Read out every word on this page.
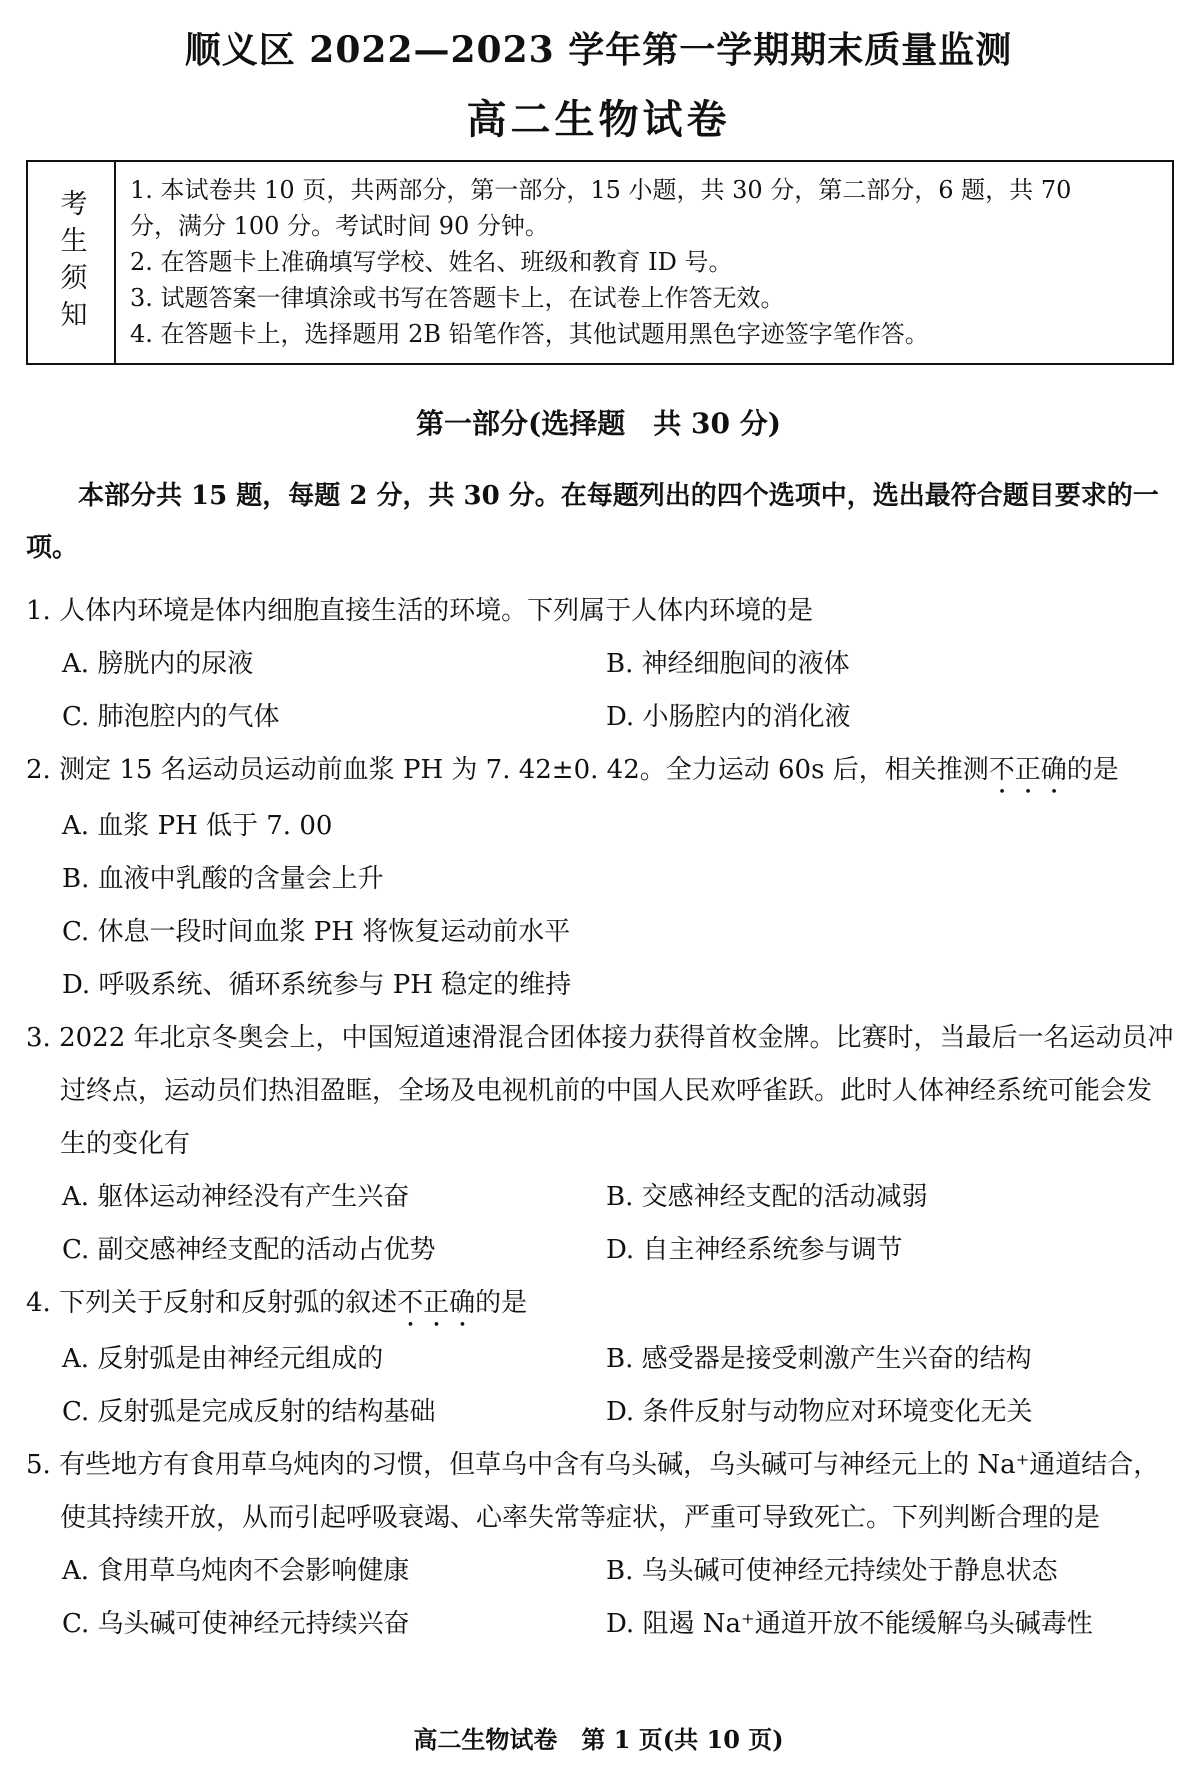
顺义区 2022—2023 学年第一学期期末质量监测
高二生物试卷
考生须知 1. 本试卷共 10 页，共两部分，第一部分，15 小题，共 30 分，第二部分，6 题，共 70
分，满分 100 分。考试时间 90 分钟。
2. 在答题卡上准确填写学校、姓名、班级和教育 ID 号。
3. 试题答案一律填涂或书写在答题卡上，在试卷上作答无效。
4. 在答题卡上，选择题用 2B 铅笔作答，其他试题用黑色字迹签字笔作答。
第一部分(选择题　共 30 分)
本部分共 15 题，每题 2 分，共 30 分。在每题列出的四个选项中，选出最符合题目要求的一项。
1. 人体内环境是体内细胞直接生活的环境。下列属于人体内环境的是
A. 膀胱内的尿液	B. 神经细胞间的液体
C. 肺泡腔内的气体	D. 小肠腔内的消化液
2. 测定 15 名运动员运动前血浆 PH 为 7. 42±0. 42。全力运动 60s 后，相关推测不正确的是
A. 血浆 PH 低于 7. 00
B. 血液中乳酸的含量会上升
C. 休息一段时间血浆 PH 将恢复运动前水平
D. 呼吸系统、循环系统参与 PH 稳定的维持
3. 2022 年北京冬奥会上，中国短道速滑混合团体接力获得首枚金牌。比赛时，当最后一名运动员冲过终点，运动员们热泪盈眶，全场及电视机前的中国人民欢呼雀跃。此时人体神经系统可能会发生的变化有
A. 躯体运动神经没有产生兴奋	B. 交感神经支配的活动减弱
C. 副交感神经支配的活动占优势	D. 自主神经系统参与调节
4. 下列关于反射和反射弧的叙述不正确的是
A. 反射弧是由神经元组成的	B. 感受器是接受刺激产生兴奋的结构
C. 反射弧是完成反射的结构基础	D. 条件反射与动物应对环境变化无关
5. 有些地方有食用草乌炖肉的习惯，但草乌中含有乌头碱，乌头碱可与神经元上的 Na⁺通道结合，使其持续开放，从而引起呼吸衰竭、心率失常等症状，严重可导致死亡。下列判断合理的是
A. 食用草乌炖肉不会影响健康	B. 乌头碱可使神经元持续处于静息状态
C. 乌头碱可使神经元持续兴奋	D. 阻遏 Na⁺通道开放不能缓解乌头碱毒性
高二生物试卷　第 1 页(共 10 页)
